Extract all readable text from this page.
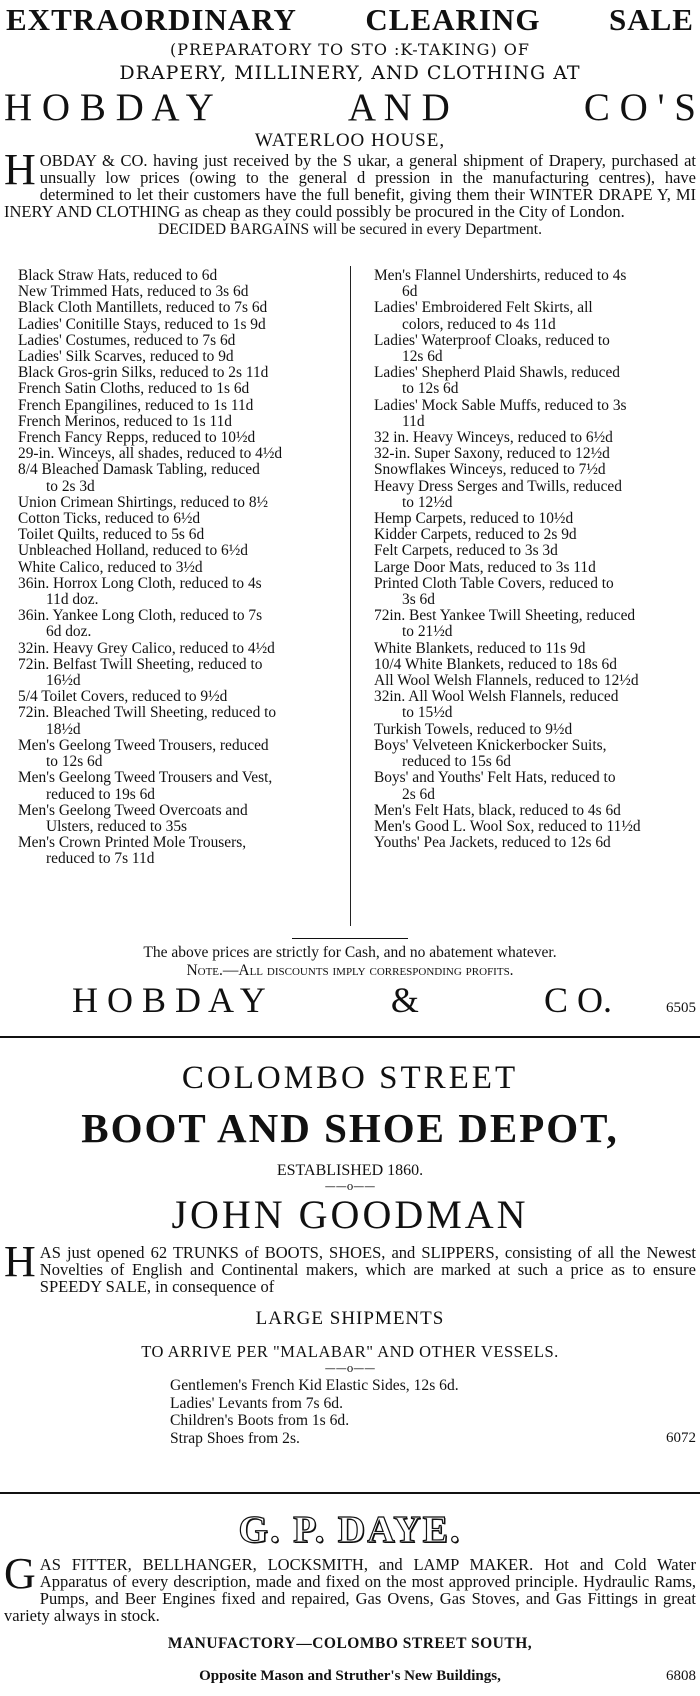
EXTRAORDINARY CLEARING SALE
(PREPARATORY TO STO :K-TAKING) OF
DRAPERY, MILLINERY, AND CLOTHING AT
H O B D A Y	A N D	C O ' S
WATERLOO HOUSE,
HOBDAY & CO. having just received by the S ukar, a general shipment of Drapery, purchased at unsually low prices (owing to the general d pression in the manufacturing centres), have determined to let their customers have the full benefit, giving them their WINTER DRAPE Y, MI INERY AND CLOTHING as cheap as they could possibly be procured in the City of London.
DECIDED BARGAINS will be secured in every Department.
Black Straw Hats, reduced to 6d
New Trimmed Hats, reduced to 3s 6d
Black Cloth Mantillets, reduced to 7s 6d
Ladies' Conitille Stays, reduced to 1s 9d
Ladies' Costumes, reduced to 7s 6d
Ladies' Silk Scarves, reduced to 9d
Black Gros-grin Silks, reduced to 2s 11d
French Satin Cloths, reduced to 1s 6d
French Epangilines, reduced to 1s 11d
French Merinos, reduced to 1s 11d
French Fancy Repps, reduced to 10½d
29-in. Winceys, all shades, reduced to 4½d
8/4 Bleached Damask Tabling, reduced
to 2s 3d
Union Crimean Shirtings, reduced to 8½
Cotton Ticks, reduced to 6½d
Toilet Quilts, reduced to 5s 6d
Unbleached Holland, reduced to 6½d
White Calico, reduced to 3½d
36in. Horrox Long Cloth, reduced to 4s
11d doz.
36in. Yankee Long Cloth, reduced to 7s
6d doz.
32in. Heavy Grey Calico, reduced to 4½d
72in. Belfast Twill Sheeting, reduced to
16½d
5/4 Toilet Covers, reduced to 9½d
72in. Bleached Twill Sheeting, reduced to
18½d
Men's Geelong Tweed Trousers, reduced
to 12s 6d
Men's Geelong Tweed Trousers and Vest,
reduced to 19s 6d
Men's Geelong Tweed Overcoats and
Ulsters, reduced to 35s
Men's Crown Printed Mole Trousers,
reduced to 7s 11d
Men's Flannel Undershirts, reduced to 4s
6d
Ladies' Embroidered Felt Skirts, all
colors, reduced to 4s 11d
Ladies' Waterproof Cloaks, reduced to
12s 6d
Ladies' Shepherd Plaid Shawls, reduced
to 12s 6d
Ladies' Mock Sable Muffs, reduced to 3s
11d
32 in. Heavy Winceys, reduced to 6½d
32-in. Super Saxony, reduced to 12½d
Snowflakes Winceys, reduced to 7½d
Heavy Dress Serges and Twills, reduced
to 12½d
Hemp Carpets, reduced to 10½d
Kidder Carpets, reduced to 2s 9d
Felt Carpets, reduced to 3s 3d
Large Door Mats, reduced to 3s 11d
Printed Cloth Table Covers, reduced to
3s 6d
72in. Best Yankee Twill Sheeting, reduced
to 21½d
White Blankets, reduced to 11s 9d
10/4 White Blankets, reduced to 18s 6d
All Wool Welsh Flannels, reduced to 12½d
32in. All Wool Welsh Flannels, reduced
to 15½d
Turkish Towels, reduced to 9½d
Boys' Velveteen Knickerbocker Suits,
reduced to 15s 6d
Boys' and Youths' Felt Hats, reduced to
2s 6d
Men's Felt Hats, black, reduced to 4s 6d
Men's Good L. Wool Sox, reduced to 11½d
Youths' Pea Jackets, reduced to 12s 6d
The above prices are strictly for Cash, and no abatement whatever.
Note.—All discounts imply corresponding profits.
H O B D A Y	&	C O.	6505
COLOMBO STREET
BOOT AND SHOE DEPOT,
ESTABLISHED 1860.
——o——
JOHN GOODMAN
HAS just opened 62 TRUNKS of BOOTS, SHOES, and SLIPPERS, consisting of all the Newest Novelties of English and Continental makers, which are marked at such a price as to ensure SPEEDY SALE, in consequence of
LARGE SHIPMENTS
TO ARRIVE PER "MALABAR" AND OTHER VESSELS.
——o——
Gentlemen's French Kid Elastic Sides, 12s 6d.
Ladies' Levants from 7s 6d.
Children's Boots from 1s 6d.
Strap Shoes from 2s.	6072
G. P. DAYE.
GAS FITTER, BELLHANGER, LOCKSMITH, and LAMP MAKER. Hot and Cold Water Apparatus of every description, made and fixed on the most approved principle. Hydraulic Rams, Pumps, and Beer Engines fixed and repaired, Gas Ovens, Gas Stoves, and Gas Fittings in great variety always in stock.
MANUFACTORY—COLOMBO STREET SOUTH,
Opposite Mason and Struther's New Buildings,	6808
